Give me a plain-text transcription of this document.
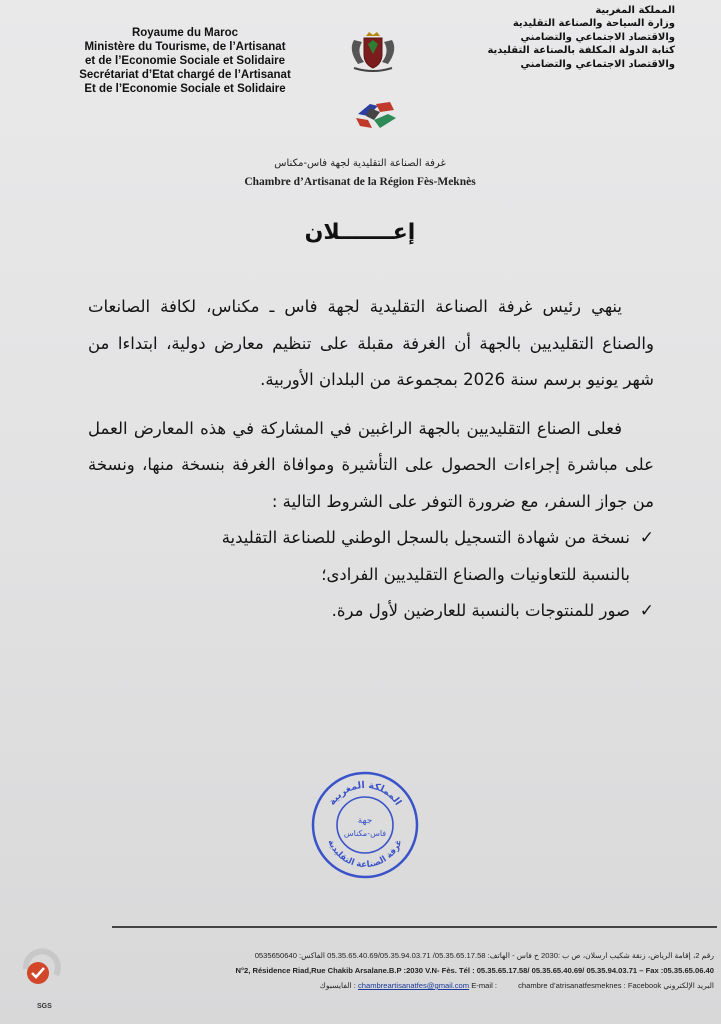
Royaume du Maroc
Ministère du Tourisme, de l’Artisanat
et de l’Economie Sociale et Solidaire
Secrétariat d’Etat chargé de l’Artisanat
Et de l’Economie Sociale et Solidaire
المملكة المغربية
وزارة السياحة والصناعة التقليدية
والاقتصاد الاجتماعي والتضامني
كتابة الدولة المكلفة بالصناعة التقليدية
والاقتصاد الاجتماعي والتضامني
غرفة الصناعة التقليدية لجهة فاس-مكناس
Chambre d’Artisanat de la Région Fès-Meknès
إعـــــــلان

ينهي رئيس غرفة الصناعة التقليدية لجهة فاس ـ مكناس، لكافة الصانعات والصناع التقليديين بالجهة أن الغرفة مقبلة على تنظيم معارض دولية، ابتداءا من شهر يونيو برسم سنة 2026 بمجموعة من البلدان الأوربية.

فعلى الصناع التقليديين بالجهة الراغبين في المشاركة في هذه المعارض العمل على مباشرة إجراءات الحصول على التأشيرة وموافاة الغرفة بنسخة منها، ونسخة من جواز السفر، مع ضرورة التوفر على الشروط التالية :

✓
نسخة من شهادة التسجيل بالسجل الوطني للصناعة التقليدية
بالنسبة للتعاونيات والصناع التقليديين الفرادى؛
✓
صور للمنتوجات بالنسبة للعارضين لأول مرة.
المملكة المغربية
غرفة الصناعة التقليدية
جهة
فاس-مكناس
SGS
رقم 2، إقامة الرياض، زنقة شكيب ارسلان، ص ب :2030 ح فاس - الهاتف: 05.35.65.17.58/ 05.35.65.40.69/05.35.94.03.71 الفاكس: 0535650640
N°2, Résidence Riad,Rue Chakib Arsalane.B.P :2030 V.N- Fès. Tél : 05.35.65.17.58/ 05.35.65.40.69/ 05.35.94.03.71 – Fax :05.35.65.06.40
البريد الإلكتروني chambreartisanatfes@gmail.com E-mail :	chambre d’atrisanatfesmeknes : Facebook : الفايسبوك
